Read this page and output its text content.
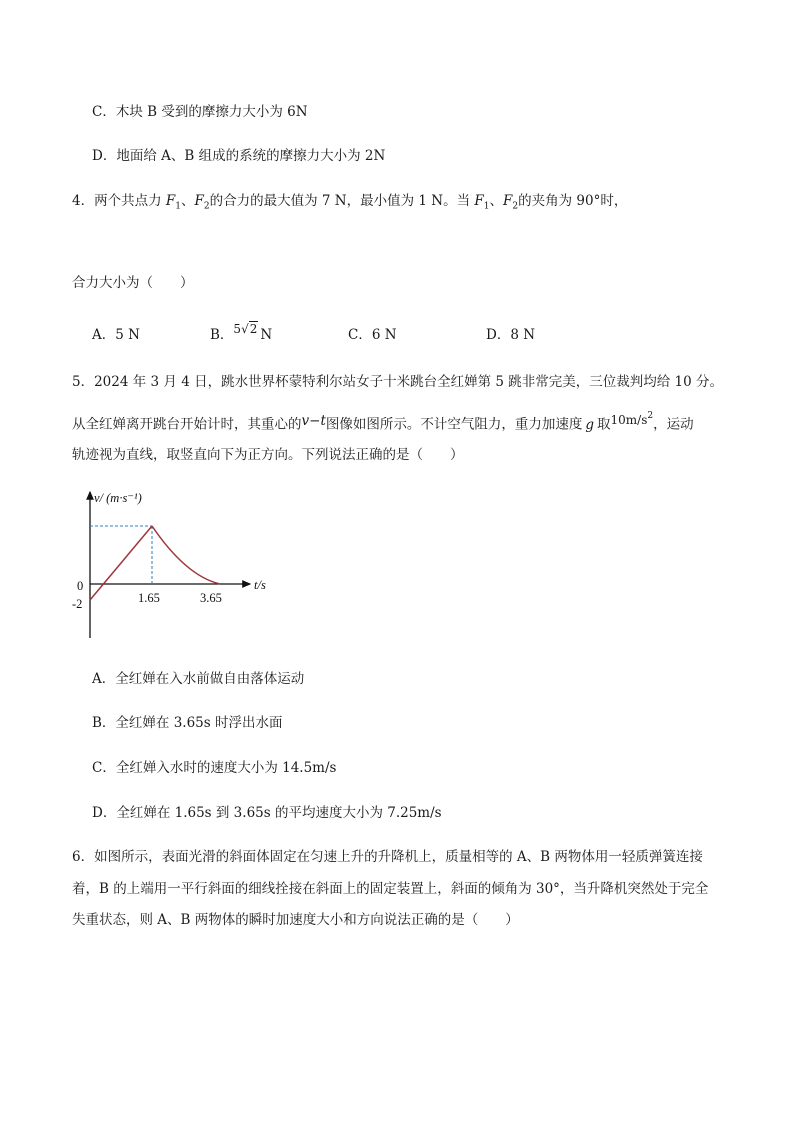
C．木块 B 受到的摩擦力大小为 6N
D．地面给 A、B 组成的系统的摩擦力大小为 2N
4．两个共点力 $F_1$、$F_2$的合力的最大值为 7 N，最小值为 1 N。当 $F_1$、$F_2$的夹角为 90°时，
合力大小为（　　）
A．5 N	B．5√2 N	C．6 N	D．8 N
5．2024 年 3 月 4 日，跳水世界杯蒙特利尔站女子十米跳台全红婵第 5 跳非常完美，三位裁判均给 10 分。
从全红婵离开跳台开始计时，其重心的v−t图像如图所示。不计空气阻力，重力加速度 g 取$10m/s^2$，运动
轨迹视为直线，取竖直向下为正方向。下列说法正确的是（　　）
v/ (m·s⁻¹)
t/s
0
-2	1.65	3.65
A．全红婵在入水前做自由落体运动
B．全红婵在 3.65s 时浮出水面
C．全红婵入水时的速度大小为 14.5m/s
D．全红婵在 1.65s 到 3.65s 的平均速度大小为 7.25m/s
6．如图所示，表面光滑的斜面体固定在匀速上升的升降机上，质量相等的 A、B 两物体用一轻质弹簧连接
着，B 的上端用一平行斜面的细线拴接在斜面上的固定装置上，斜面的倾角为 30°，当升降机突然处于完全
失重状态，则 A、B 两物体的瞬时加速度大小和方向说法正确的是（　　）
